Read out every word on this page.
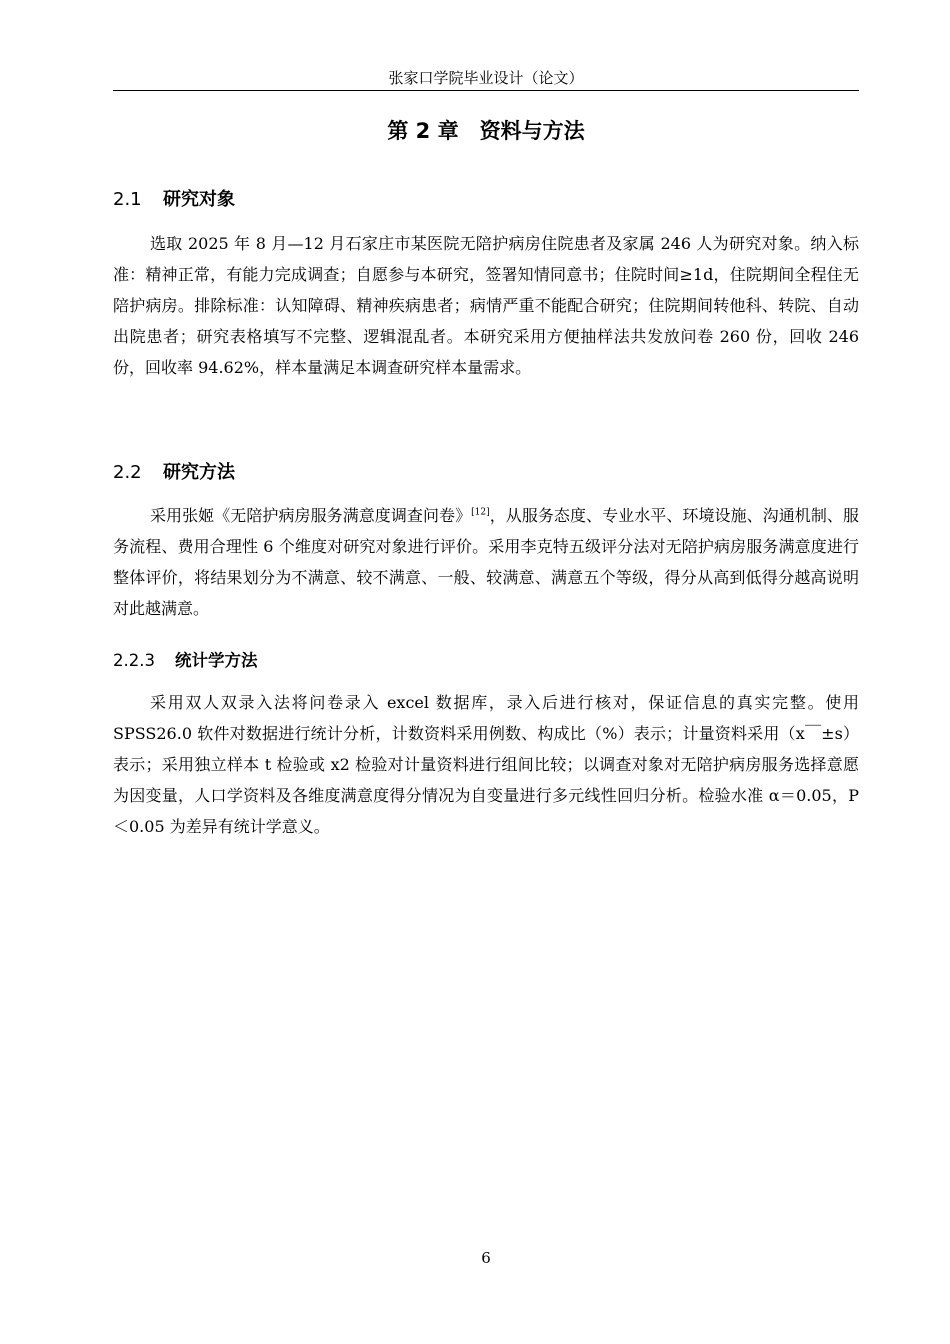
张家口学院毕业设计（论文）
第 2 章　资料与方法
2.1 研究对象

选取 2025 年 8 月—12 月石家庄市某医院无陪护病房住院患者及家属 246 人为研究对象。纳入标准：精神正常，有能力完成调查；自愿参与本研究，签署知情同意书；住院时间≥1d，住院期间全程住无陪护病房。排除标准：认知障碍、精神疾病患者；病情严重不能配合研究；住院期间转他科、转院、自动出院患者；研究表格填写不完整、逻辑混乱者。本研究采用方便抽样法共发放问卷 260 份，回收 246 份，回收率 94.62%，样本量满足本调查研究样本量需求。

2.2 研究方法

采用张姬《无陪护病房服务满意度调查问卷》[12]，从服务态度、专业水平、环境设施、沟通机制、服务流程、费用合理性 6 个维度对研究对象进行评价。采用李克特五级评分法对无陪护病房服务满意度进行整体评价，将结果划分为不满意、较不满意、一般、较满意、满意五个等级，得分从高到低得分越高说明对此越满意。

2.2.3 统计学方法

采用双人双录入法将问卷录入 excel 数据库，录入后进行核对，保证信息的真实完整。使用 SPSS26.0 软件对数据进行统计分析，计数资料采用例数、构成比（%）表示；计量资料采用（x￣±s）表示；采用独立样本 t 检验或 x2 检验对计量资料进行组间比较；以调查对象对无陪护病房服务选择意愿为因变量，人口学资料及各维度满意度得分情况为自变量进行多元线性回归分析。检验水准 α＝0.05，P＜0.05 为差异有统计学意义。

6
